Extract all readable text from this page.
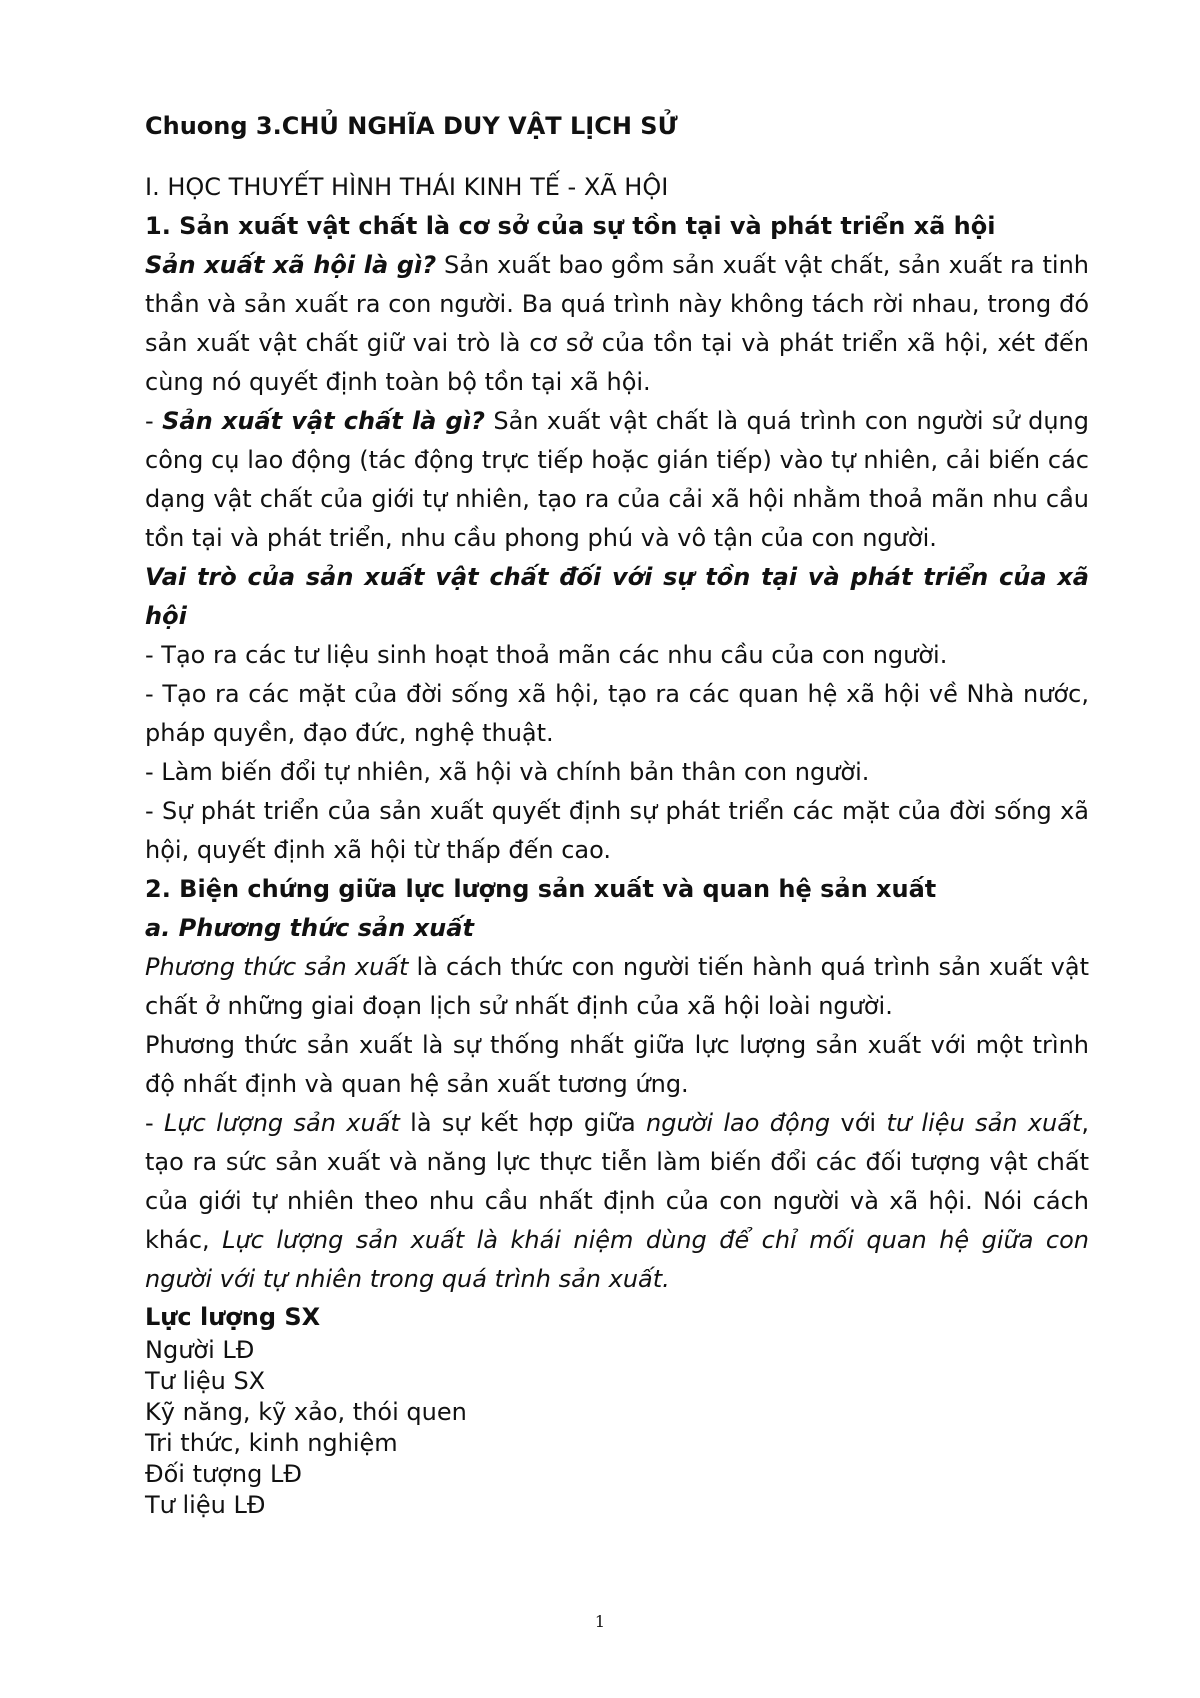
Chuong 3.CHỦ NGHĨA DUY VẬT LỊCH SỬ
I. HỌC THUYẾT HÌNH THÁI KINH TẾ - XÃ HỘI
1. Sản xuất vật chất là cơ sở của sự tồn tại và phát triển xã hội

Sản xuất xã hội là gì? Sản xuất bao gồm sản xuất vật chất, sản xuất ra tinh thần và sản xuất ra con người. Ba quá trình này không tách rời nhau, trong đó sản xuất vật chất giữ vai trò là cơ sở của tồn tại và phát triển xã hội, xét đến cùng nó quyết định toàn bộ tồn tại xã hội.

- Sản xuất vật chất là gì? Sản xuất vật chất là quá trình con người sử dụng công cụ lao động (tác động trực tiếp hoặc gián tiếp) vào tự nhiên, cải biến các dạng vật chất của giới tự nhiên, tạo ra của cải xã hội nhằm thoả mãn nhu cầu tồn tại và phát triển, nhu cầu phong phú và vô tận của con người.

Vai trò của sản xuất vật chất đối với sự tồn tại và phát triển của xã hội

- Tạo ra các tư liệu sinh hoạt thoả mãn các nhu cầu của con người.

- Tạo ra các mặt của đời sống xã hội, tạo ra các quan hệ xã hội về Nhà nước, pháp quyền, đạo đức, nghệ thuật.

- Làm biến đổi tự nhiên, xã hội và chính bản thân con người.

- Sự phát triển của sản xuất quyết định sự phát triển các mặt của đời sống xã hội, quyết định xã hội từ thấp đến cao.

2. Biện chứng giữa lực lượng sản xuất và quan hệ sản xuất
a. Phương thức sản xuất

Phương thức sản xuất là cách thức con người tiến hành quá trình sản xuất vật chất ở những giai đoạn lịch sử nhất định của xã hội loài người.

Phương thức sản xuất là sự thống nhất giữa lực lượng sản xuất với một trình độ nhất định và quan hệ sản xuất tương ứng.

- Lực lượng sản xuất là sự kết hợp giữa người lao động với tư liệu sản xuất, tạo ra sức sản xuất và năng lực thực tiễn làm biến đổi các đối tượng vật chất của giới tự nhiên theo nhu cầu nhất định của con người và xã hội. Nói cách khác, Lực lượng sản xuất là khái niệm dùng để chỉ mối quan hệ giữa con người với tự nhiên trong quá trình sản xuất.

Lực lượng SX

Người LĐ

Tư liệu SX

Kỹ năng, kỹ xảo, thói quen

Tri thức, kinh nghiệm

Đối tượng LĐ

Tư liệu LĐ

1
